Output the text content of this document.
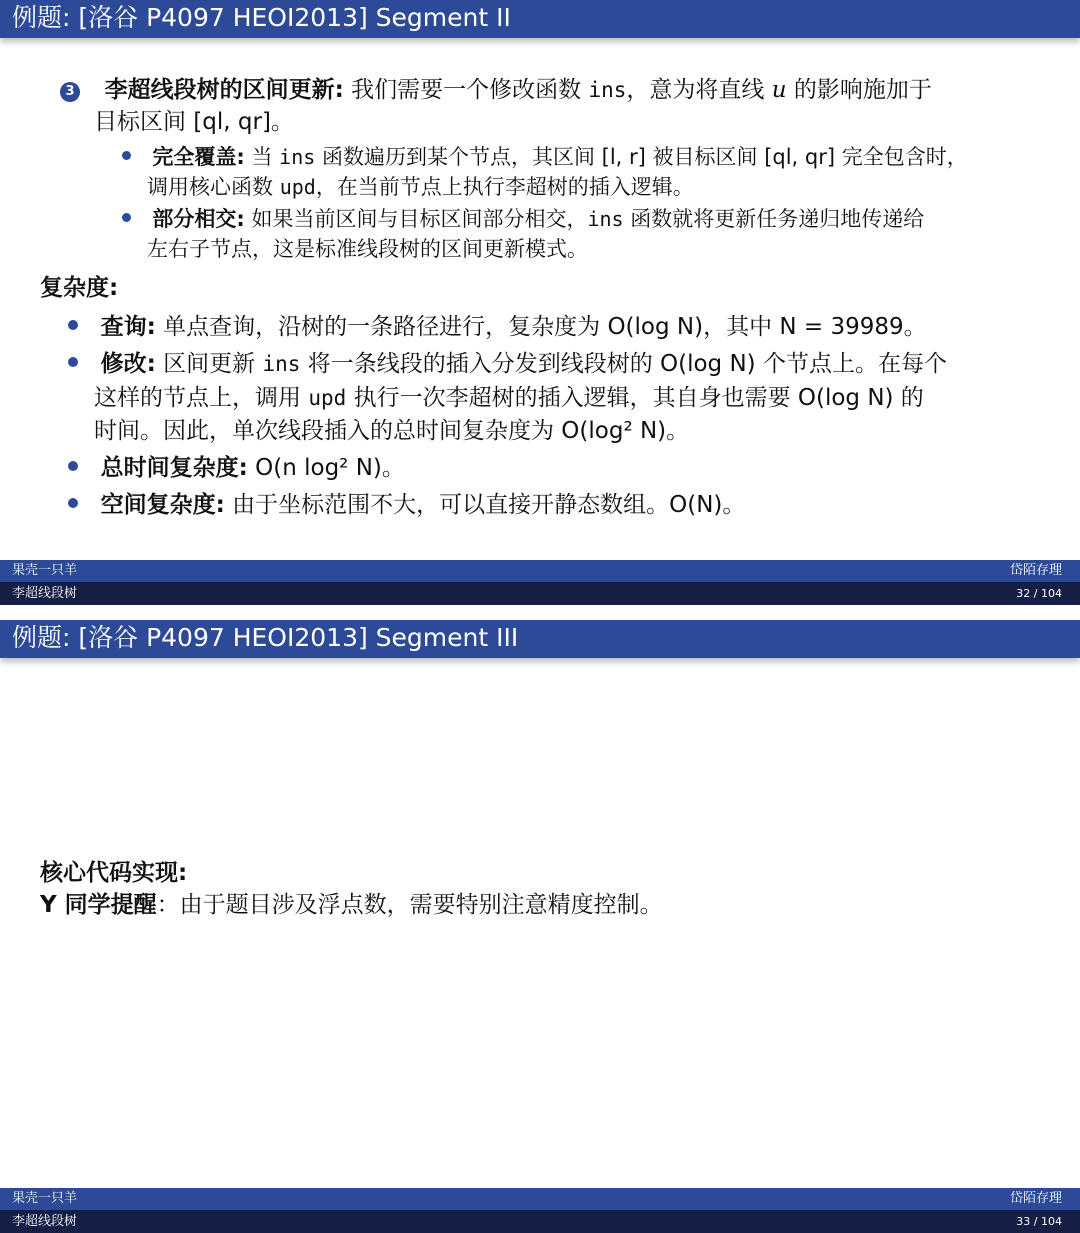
例题: [洛谷 P4097 HEOI2013] Segment II
3 李超线段树的区间更新: 我们需要一个修改函数 ins，意为将直线 u 的影响施加于
目标区间 [ql, qr]。
完全覆盖: 当 ins 函数遍历到某个节点，其区间 [l, r] 被目标区间 [ql, qr] 完全包含时，
调用核心函数 upd，在当前节点上执行李超树的插入逻辑。
部分相交: 如果当前区间与目标区间部分相交，ins 函数就将更新任务递归地传递给
左右子节点，这是标准线段树的区间更新模式。
复杂度:
查询: 单点查询，沿树的一条路径进行，复杂度为 O(log N)，其中 N = 39989。
修改: 区间更新 ins 将一条线段的插入分发到线段树的 O(log N) 个节点上。在每个
这样的节点上，调用 upd 执行一次李超树的插入逻辑，其自身也需要 O(log N) 的
时间。因此，单次线段插入的总时间复杂度为 O(log² N)。
总时间复杂度: O(n log² N)。
空间复杂度: 由于坐标范围不大，可以直接开静态数组。O(N)。
果壳一只羊	岱陌存理
李超线段树	32 / 104
例题: [洛谷 P4097 HEOI2013] Segment III
核心代码实现:
Y 同学提醒：由于题目涉及浮点数，需要特别注意精度控制。
果壳一只羊	岱陌存理
李超线段树	33 / 104
